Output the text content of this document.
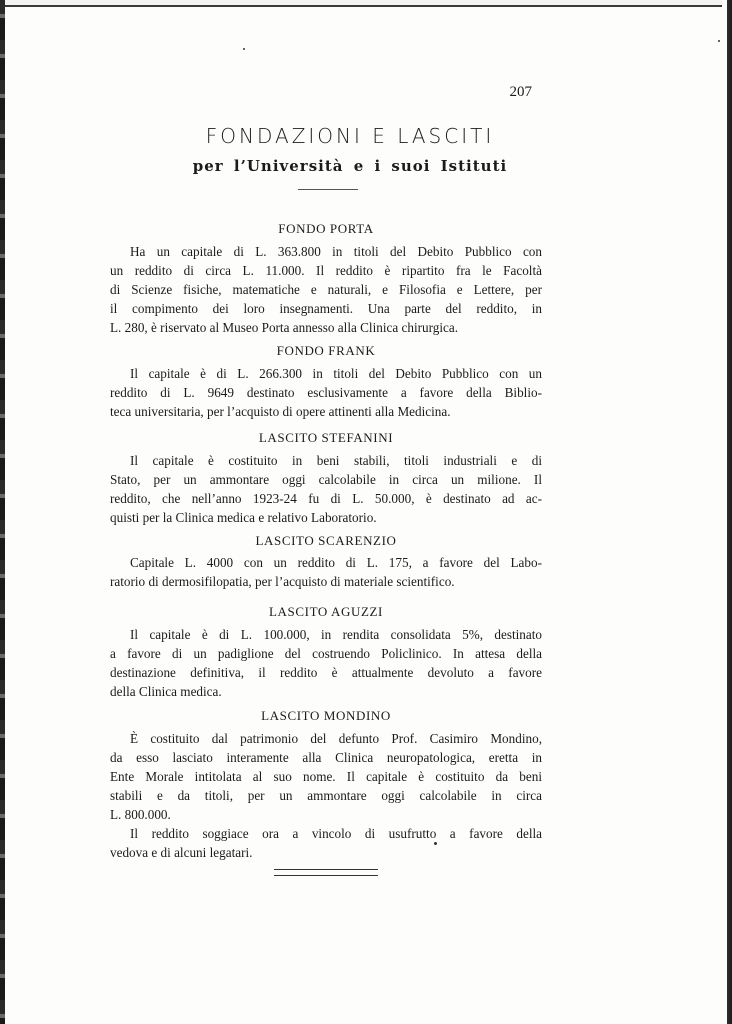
207
FONDAZIONI E LASCITI
per l’Università e i suoi Istituti
FONDO PORTA
Ha un capitale di L. 363.800 in titoli del Debito Pubblico con
un reddito di circa L. 11.000. Il reddito è ripartito fra le Facoltà
di Scienze fisiche, matematiche e naturali, e Filosofia e Lettere, per
il compimento dei loro insegnamenti. Una parte del reddito, in
L. 280, è riservato al Museo Porta annesso alla Clinica chirurgica.
FONDO FRANK
Il capitale è di L. 266.300 in titoli del Debito Pubblico con un
reddito di L. 9649 destinato esclusivamente a favore della Biblio-
teca universitaria, per l’acquisto di opere attinenti alla Medicina.
LASCITO STEFANINI
Il capitale è costituito in beni stabili, titoli industriali e di
Stato, per un ammontare oggi calcolabile in circa un milione. Il
reddito, che nell’anno 1923-24 fu di L. 50.000, è destinato ad ac-
quisti per la Clinica medica e relativo Laboratorio.
LASCITO SCARENZIO
Capitale L. 4000 con un reddito di L. 175, a favore del Labo-
ratorio di dermosifilopatia, per l’acquisto di materiale scientifico.
LASCITO AGUZZI
Il capitale è di L. 100.000, in rendita consolidata 5%, destinato
a favore di un padiglione del costruendo Policlinico. In attesa della
destinazione definitiva, il reddito è attualmente devoluto a favore
della Clinica medica.
LASCITO MONDINO
È costituito dal patrimonio del defunto Prof. Casimiro Mondino,
da esso lasciato interamente alla Clinica neuropatologica, eretta in
Ente Morale intitolata al suo nome. Il capitale è costituito da beni
stabili e da titoli, per un ammontare oggi calcolabile in circa
L. 800.000.
Il reddito soggiace ora a vincolo di usufrutto a favore della
vedova e di alcuni legatari.
